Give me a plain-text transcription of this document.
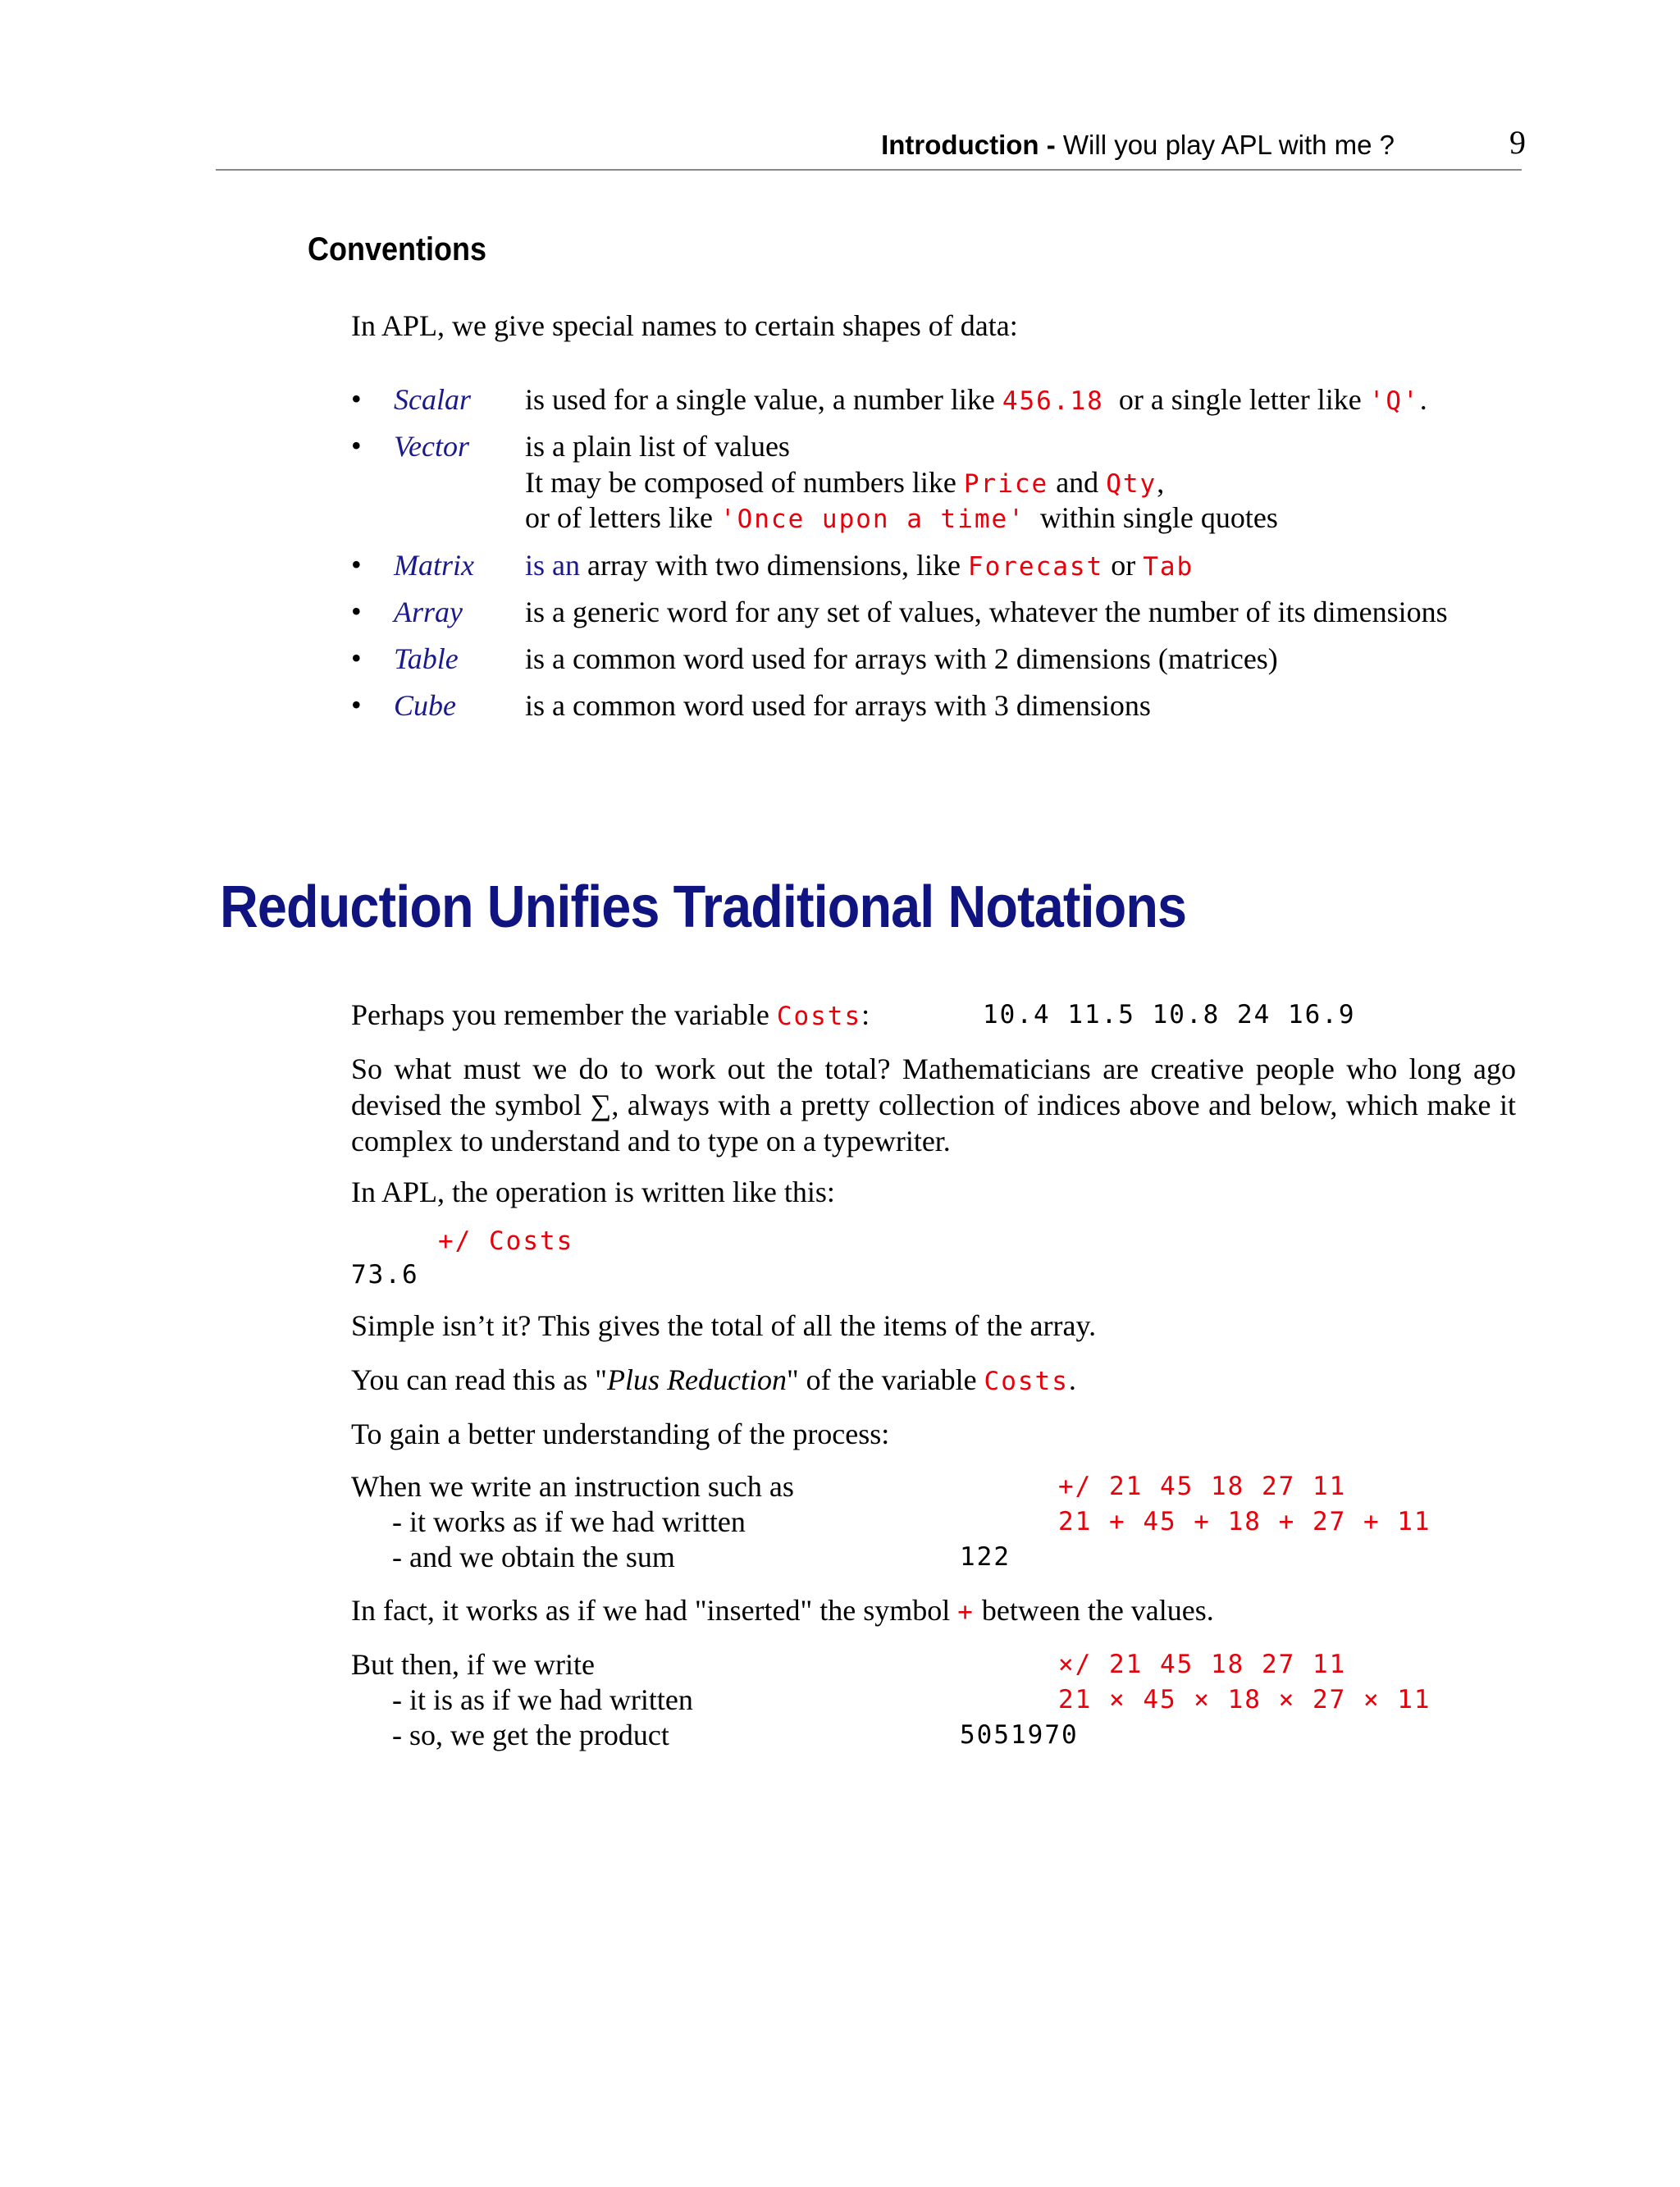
Introduction - Will you play APL with me ?	9
Conventions
In APL, we give special names to certain shapes of data:
• Scalar is used for a single value, a number like 456.18  or a single letter like 'Q'.
• Vector is a plain list of values
It may be composed of numbers like Price and Qty,
or of letters like 'Once upon a time'  within single quotes
• Matrix is an array with two dimensions, like Forecast or Tab
• Array is a generic word for any set of values, whatever the number of its dimensions
• Table is a common word used for arrays with 2 dimensions (matrices)
• Cube is a common word used for arrays with 3 dimensions
Reduction Unifies Traditional Notations
Perhaps you remember the variable Costs:	10.4 11.5 10.8 24 16.9
So what must we do to work out the total? Mathematicians are creative people who long ago devised the symbol ∑, always with a pretty collection of indices above and below, which make it complex to understand and to type on a typewriter.
In APL, the operation is written like this:
+/ Costs
73.6
Simple isn’t it? This gives the total of all the items of the array.
You can read this as "Plus Reduction" of the variable Costs.
To gain a better understanding of the process:
When we write an instruction such as	+/ 21 45 18 27 11
- it works as if we had written	21 + 45 + 18 + 27 + 11
- and we obtain the sum	122
In fact, it works as if we had "inserted" the symbol + between the values.
But then, if we write	×/ 21 45 18 27 11
- it is as if we had written	21 × 45 × 18 × 27 × 11
- so, we get the product	5051970
